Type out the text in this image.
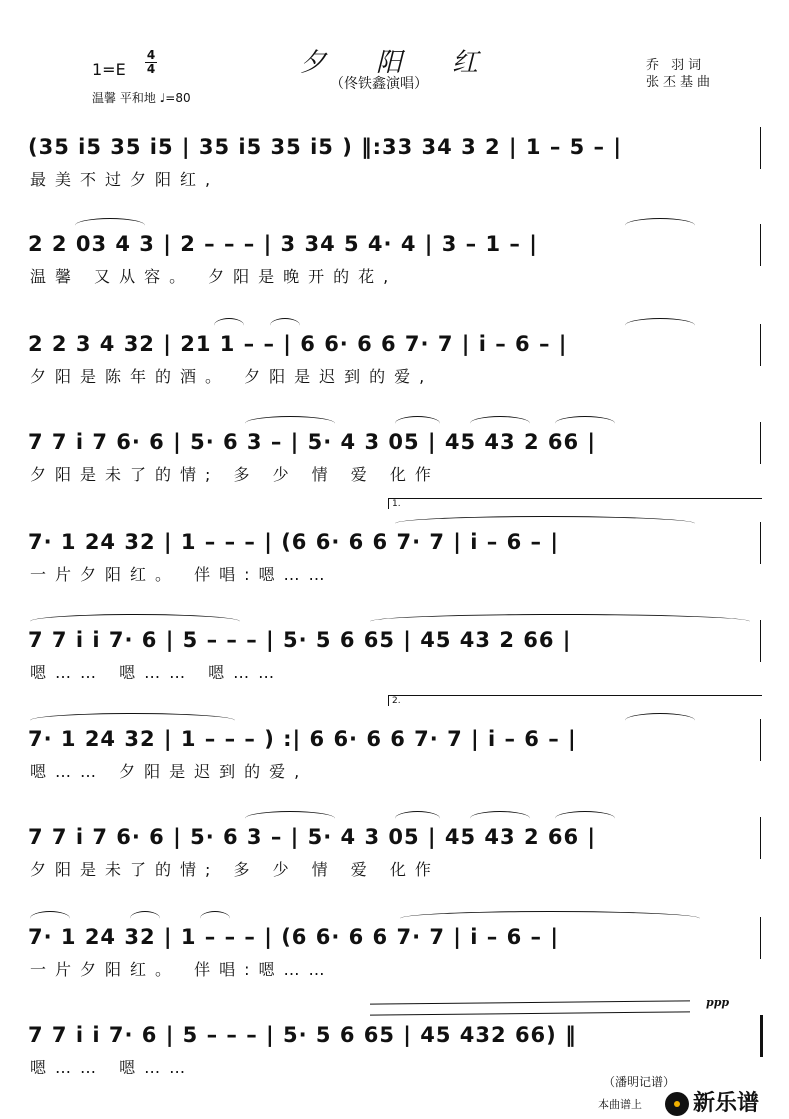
$1=E \frac{4}{4}$
温馨 平和地 ♩=80
夕阳红
（佟铁鑫演唱）
乔 羽词
张丕基曲
(35 i5 35 i5 | 35 i5 35 i5 ) ‖:33 34 3 2 | 1 – 5 – |
最美不过夕阳红,
2 2 03 4 3 | 2 – – – | 3 34 5 4· 4 | 3 – 1 – |
温馨 又从容。 夕阳是晚开的花,
2 2 3 4 32 | 21 1 – – | 6 6· 6 6 7· 7 | i – 6 – |
夕阳是陈年的酒。 夕阳是迟到的爱,
7 7 i 7 6· 6 | 5· 6 3 – | 5· 4 3 05 | 45 43 2 66 |
夕阳是未了的情; 多 少 情 爱 化作
7· 1 24 32 | 1 – – – | (6 6· 6 6 7· 7 | i – 6 – |
一片夕阳红。 伴唱:嗯……
1.
7 7 i i 7· 6 | 5 – – – | 5· 5 6 65 | 45 43 2 66 |
嗯…… 嗯…… 嗯……
7· 1 24 32 | 1 – – – ) :| 6 6· 6 6 7· 7 | i – 6 – |
嗯…… 夕阳是迟到的爱,
2.
7 7 i 7 6· 6 | 5· 6 3 – | 5· 4 3 05 | 45 43 2 66 |
夕阳是未了的情; 多 少 情 爱 化作
7· 1 24 32 | 1 – – – | (6 6· 6 6 7· 7 | i – 6 – |
一片夕阳红。 伴唱:嗯……
7 7 i i 7· 6 | 5 – – – | 5· 5 6 65 | 45 432 66) ‖
嗯…… 嗯……
ppp
（潘明记谱）
本曲谱上	新乐谱
